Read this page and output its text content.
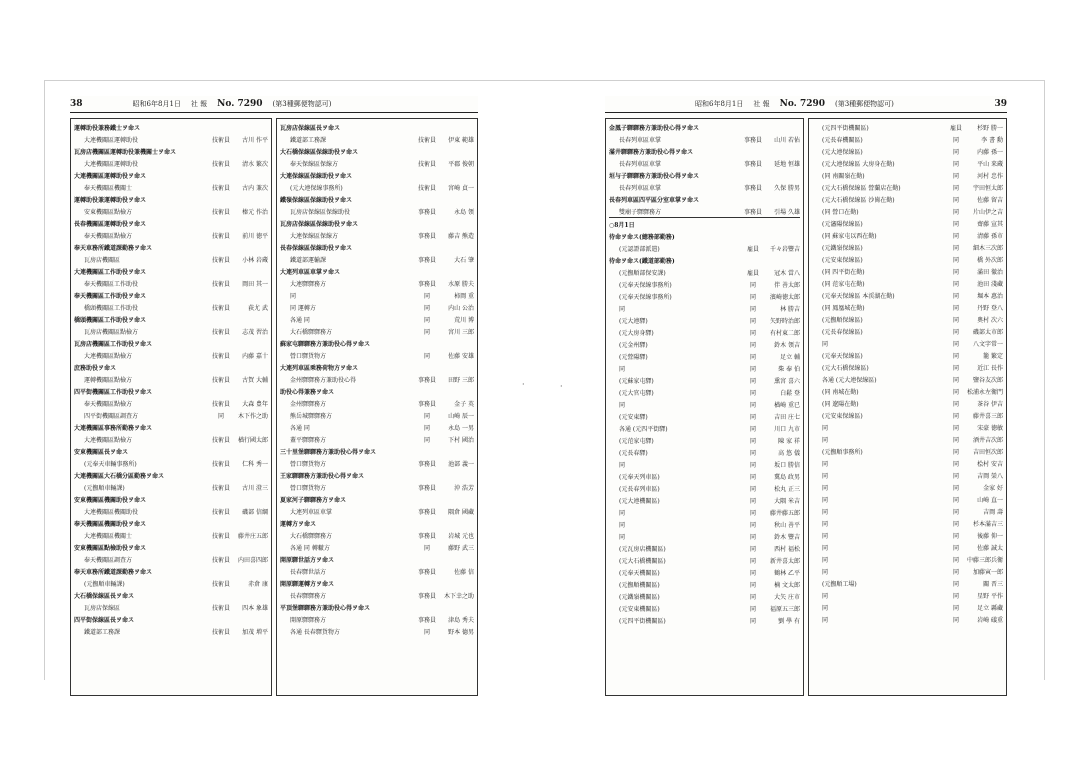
·	·
38	昭和6年8月1日 社 報 No. 7290 (第3種郵便物認可)
運轉助役兼務鐵士ヲ命ス
大連機關區運轉助役	技術員	古川 作平
瓦房店機關區運轉助役兼機關士ヲ命ス
大連機關區運轉助役	技術員	清水 繁次
大連機關區運轉助役ヲ命ス
奉天機關區機關士	技術員	古内 兼次
運轉助役兼運轉助役ヲ命ス
安東機關區點檢方	技術員	榛元 作治
長春機關區運轉助役ヲ命ス
奉天機關區點檢方	技術員	前川 徳平
奉天車務所鐵道課勤務ヲ命ス
瓦房店機關區	技術員	小林 岩蔵
大連機關區工作助役ヲ命ス
奉天機關區工作助役	技術員	岡田 其一
奉天機關區工作助役ヲ命ス
橋頭機關區工作助役	技術員	荻尤 武
橋頭機關區工作助役ヲ命ス
瓦房店機關區點檢方	技術員	志茂 習治
瓦房店機關區工作助役ヲ命ス
大連機關區點檢方	技術員	内藤 嘉十
庶務助役ヲ命ス
運轉機關區點檢方	技術員	古賀 大輔
四平街機關區工作助役ヲ命ス
奉天機關區點檢方	技術員	大森 豊年
四平街機關區調査方	同	木下作之助
大連機關區事務所勤務ヲ命ス
大連機關區點檢方	技術員	楢行國太郎
安東機關區長ヲ命ス
(元奉天車輛事務所)	技術員	仁科 秀一
大連機關區大石橋分區勤務ヲ命ス
(元撫順車輛課)	技術員	古川 澄三
安東機關區機關助役ヲ命ス
大連機關區機關助役	技術員	磯部 信綱
奉天機關區機關助役ヲ命ス
大連機關區機關士	技術員	藤井庄五郎
安東機關區點檢助役ヲ命ス
奉天機關區調査方	技術員	内田喜四郎
奉天車務所鐵道課勤務ヲ命ス
(元撫順車輛課)	技術員	赤倉 康
大石橋保線區長ヲ命ス
瓦房店保線區	技術員	四本 象雄
四平街保線區長ヲ命ス
鐵道部工務課	技術員	加茂 増平
瓦房店保線區長ヲ命ス
鐵道部工務課	技術員	伊東 範雄
大石橋保線區保線助役ヲ命ス
奉天保線區保線方	技術員	平郡 俊朝
大連保線區保線助役ヲ命ス
(元大連保線事務所)	技術員	宮崎 貞一
鐵嶺保線區保線助役ヲ命ス
瓦房店保線區保線助役	事務員	永島 領
瓦房店保線區保線助役ヲ命ス
大連保線區保線方	事務員	藤吉 熊造
長春保線區保線助役ヲ命ス
鐵道部運輸課	事務員	大石 肇
大連列車區車掌ヲ命ス
大連驛驛務方	事務員	水原 勝夫
同	同	柿岡 重
同 運轉方	同	内山 公治
各通 同	同	荒川 博
大石橋驛驛務方	同	宮川 三郎
蘇家屯驛驛務方兼助役心得ヲ命ス
營口驛貨物方	同	佐藤 安雄
大連列車區乘務荷物方ヲ命ス
金州驛驛務方兼助役心得	事務員	田野 三郎
助役心得兼務ヲ命ス
金州驛驛務方	事務員	金子 英
熊岳城驛驛務方	同	山崎 辰一
各通 同	同	永島 一男
蓋平驛驛務方	同	下村 國治
三十里堡驛驛務方兼助役心得ヲ命ス
營口驛貨物方	事務員	池部 義一
王家驛驛務方兼助役心得ヲ命ス
營口驛貨物方	事務員	沖 浩芳
夏家河子驛驛務方ヲ命ス
大連列車區車掌	事務員	隅倉 國藏
運轉方ヲ命ス
大石橋驛驛務方	事務員	岩城 元也
各通 同 轉轍方	同	藤野 武三
開原驛世話方ヲ命ス
長春驛世話方	事務員	佐藤 信
開原驛運轉方ヲ命ス
長春驛驛務方	事務員	木下幸之助
平頂堡驛驛務方兼助役心得ヲ命ス
開原驛驛務方	事務員	津島 秀夫
各通 長春驛貨物方	同	野本 德男
昭和6年8月1日 社 報 No. 7290 (第3種郵便物認可)	39
金鳳子驛驛務方兼助役心得ヲ命ス
長春列車區車掌	事務員	山川 若佑
滿井驛驛務方兼助役心得ヲ命ス
長春列車區車掌	事務員	延地 恒雄
垣与子驛驛務方兼助役心得ヲ命ス
長春列車區車掌	事務員	久保 勝男
長春列車區四平區分室車掌ヲ命ス
雙廟子驛驛務方	事務員	引場 久雄
○8月1日
待命ヲ命ス(總務部勤務)
(元認證部派遣)	雇員	千々岩豐吉
待命ヲ命ス(鐵道部勤務)
(元撫順部保安課)	雇員	冠木 當八
(元奉天保線事務所)	同	伴 善太郎
(元奉天保線事務所)	同	濱崎徳太郎
同	同	林 勝吉
(元大連驛)	同	矢野時治郎
(元大房身驛)	同	有村東二郎
(元金州驛)	同	鈴木 領吉
(元營陽驛)	同	足立 輔
同	同	柴 奉 伯
(元蘇家屯驛)	同	熏宮 喜六
(元大官屯驛)	同	白鬆 登
同	同	楢崎 重已
(元安東驛)	同	吉田 庄七
各通 (元四平街驛)	同	川口 九市
(元范家屯驛)	同	陳 家 祥
(元長春驛)	同	高 悠 儀
同	同	坂口 勝信
(元奉天列車區)	同	冀島 政男
(元長春列車區)	同	松丸 正三
(元大連機關區)	同	大隅 米吉
同	同	藤井藤五郎
同	同	秋山 善平
同	同	鈴木 豐吉
(元瓦房店機關區)	同	西村 福松
(元大石橋機關區)	同	新井喜太郎
(元奉天機關區)	同	鶴林 乙平
(元撫順機關區)	同	楠 文太郎
(元鐵嶺機關區)	同	大矢 庄市
(元安東機關區)	同	福原五三郎
(元四平街機關區)	同	劉 學 有
(元四平街機關區)	雇員	杉野 勝一
(元長春機關區)	同	李 書 勳
(元大連保線區)	同	内藤 孫一
(元大連保線區 大房身在勤)	同	平山 来蔵
(同 南關嶺在勤)	同	河村 忠作
(元大石橋保線區 營蘭店在勤)	同	宇田恒太郎
(元大石橋保線區 沙崗在勤)	同	佐藤 留吉
(同 營口在勤)	同	片山伊之吉
(元瀋陽保線區)	同	齋藤 宣其
(同 蘇家屯以西在勤)	同	清藤 孫市
(元鐵嶺保線區)	同	細木三次郎
(元安東保線區)	同	橋 外次郎
(同 四平街在勤)	同	滿田 徹治
(同 范家屯在勤)	同	池田 淺藏
(元奉天保線區 本渓湖在勤)	同	堀本 惠治
(同 鳳凰城在勤)	同	丹野 登八
(元撫順保線區)	同	奧村 次六
(元長春保線區)	同	磯部太市郎
同	同	八文字常一
(元奉天保線區)	同	籠 繁定
(元大石橋保線區)	同	近江 長作
各通 (元大連保線區)	同	鹽谷友次郎
(同 南城在勤)	同	松浦永左衛門
(同 遼陽在勤)	同	茶谷 伊吉
(元安東保線區)	同	藤井喜三郎
同	同	宋豪 徳敏
同	同	酒井吉次郎
(元撫順事務所)	同	吉田恒次郎
同	同	桧村 安吉
同	同	吉岡 榮八
同	同	金家 好
同	同	山崎 直一
同	同	吉岡 壽
同	同	杉本滿吉三
同	同	後藤 仰一
同	同	佐藤 誠太
同	同	中藤三郎兵衛
同	同	加藤寅一郎
(元撫順工場)	同	關 晋三
同	同	星野 平作
同	同	足立 縣藏
同	同	岩崎 礒重
